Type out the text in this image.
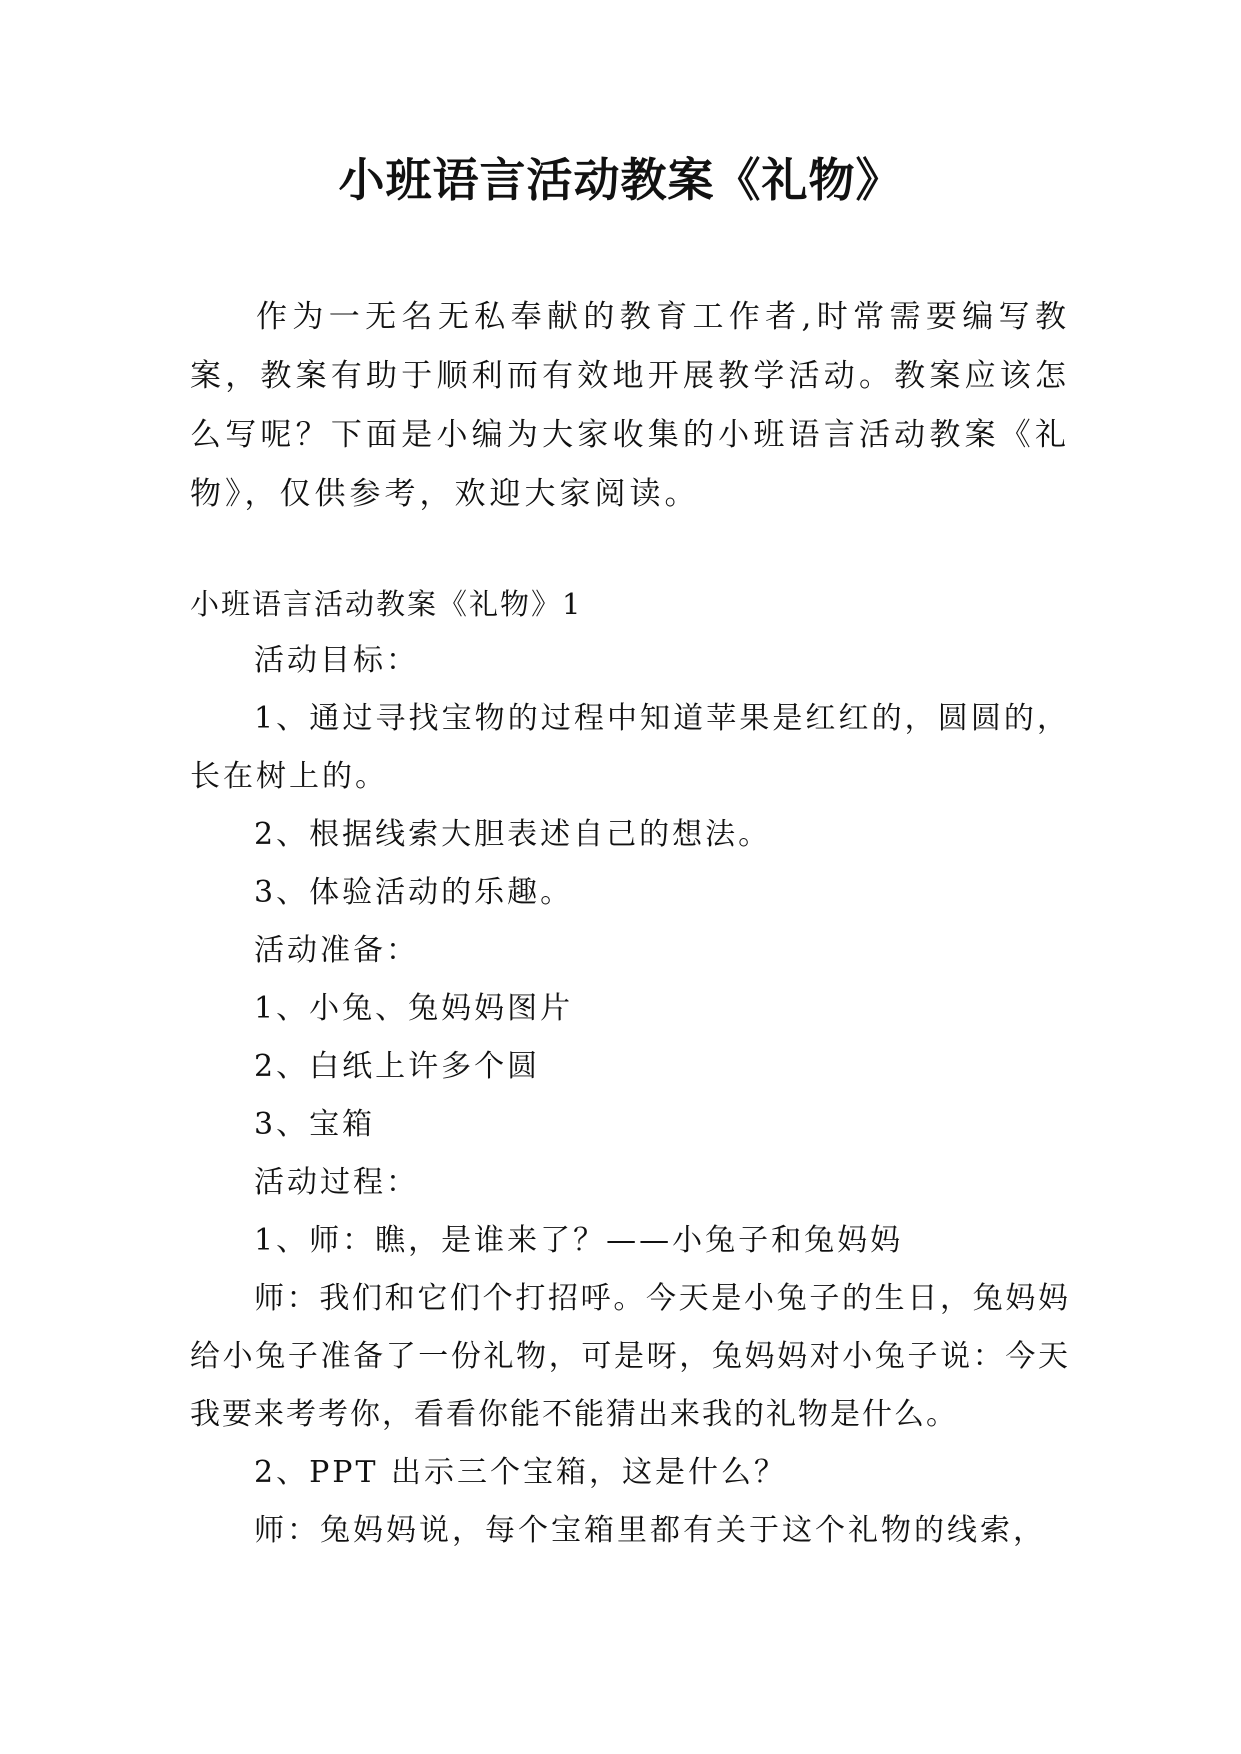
小班语言活动教案《礼物》

作为一无名无私奉献的教育工作者,时常需要编写教案，教案有助于顺利而有效地开展教学活动。教案应该怎么写呢？下面是小编为大家收集的小班语言活动教案《礼物》，仅供参考，欢迎大家阅读。

小班语言活动教案《礼物》1

活动目标：

1、通过寻找宝物的过程中知道苹果是红红的，圆圆的，长在树上的。

2、根据线索大胆表述自己的想法。

3、体验活动的乐趣。

活动准备：

1、小兔、兔妈妈图片

2、白纸上许多个圆

3、宝箱

活动过程：

1、师：瞧，是谁来了？——小兔子和兔妈妈

师：我们和它们个打招呼。今天是小兔子的生日，兔妈妈给小兔子准备了一份礼物，可是呀，兔妈妈对小兔子说：今天我要来考考你，看看你能不能猜出来我的礼物是什么。

2、PPT 出示三个宝箱，这是什么？

师：兔妈妈说，每个宝箱里都有关于这个礼物的线索，
